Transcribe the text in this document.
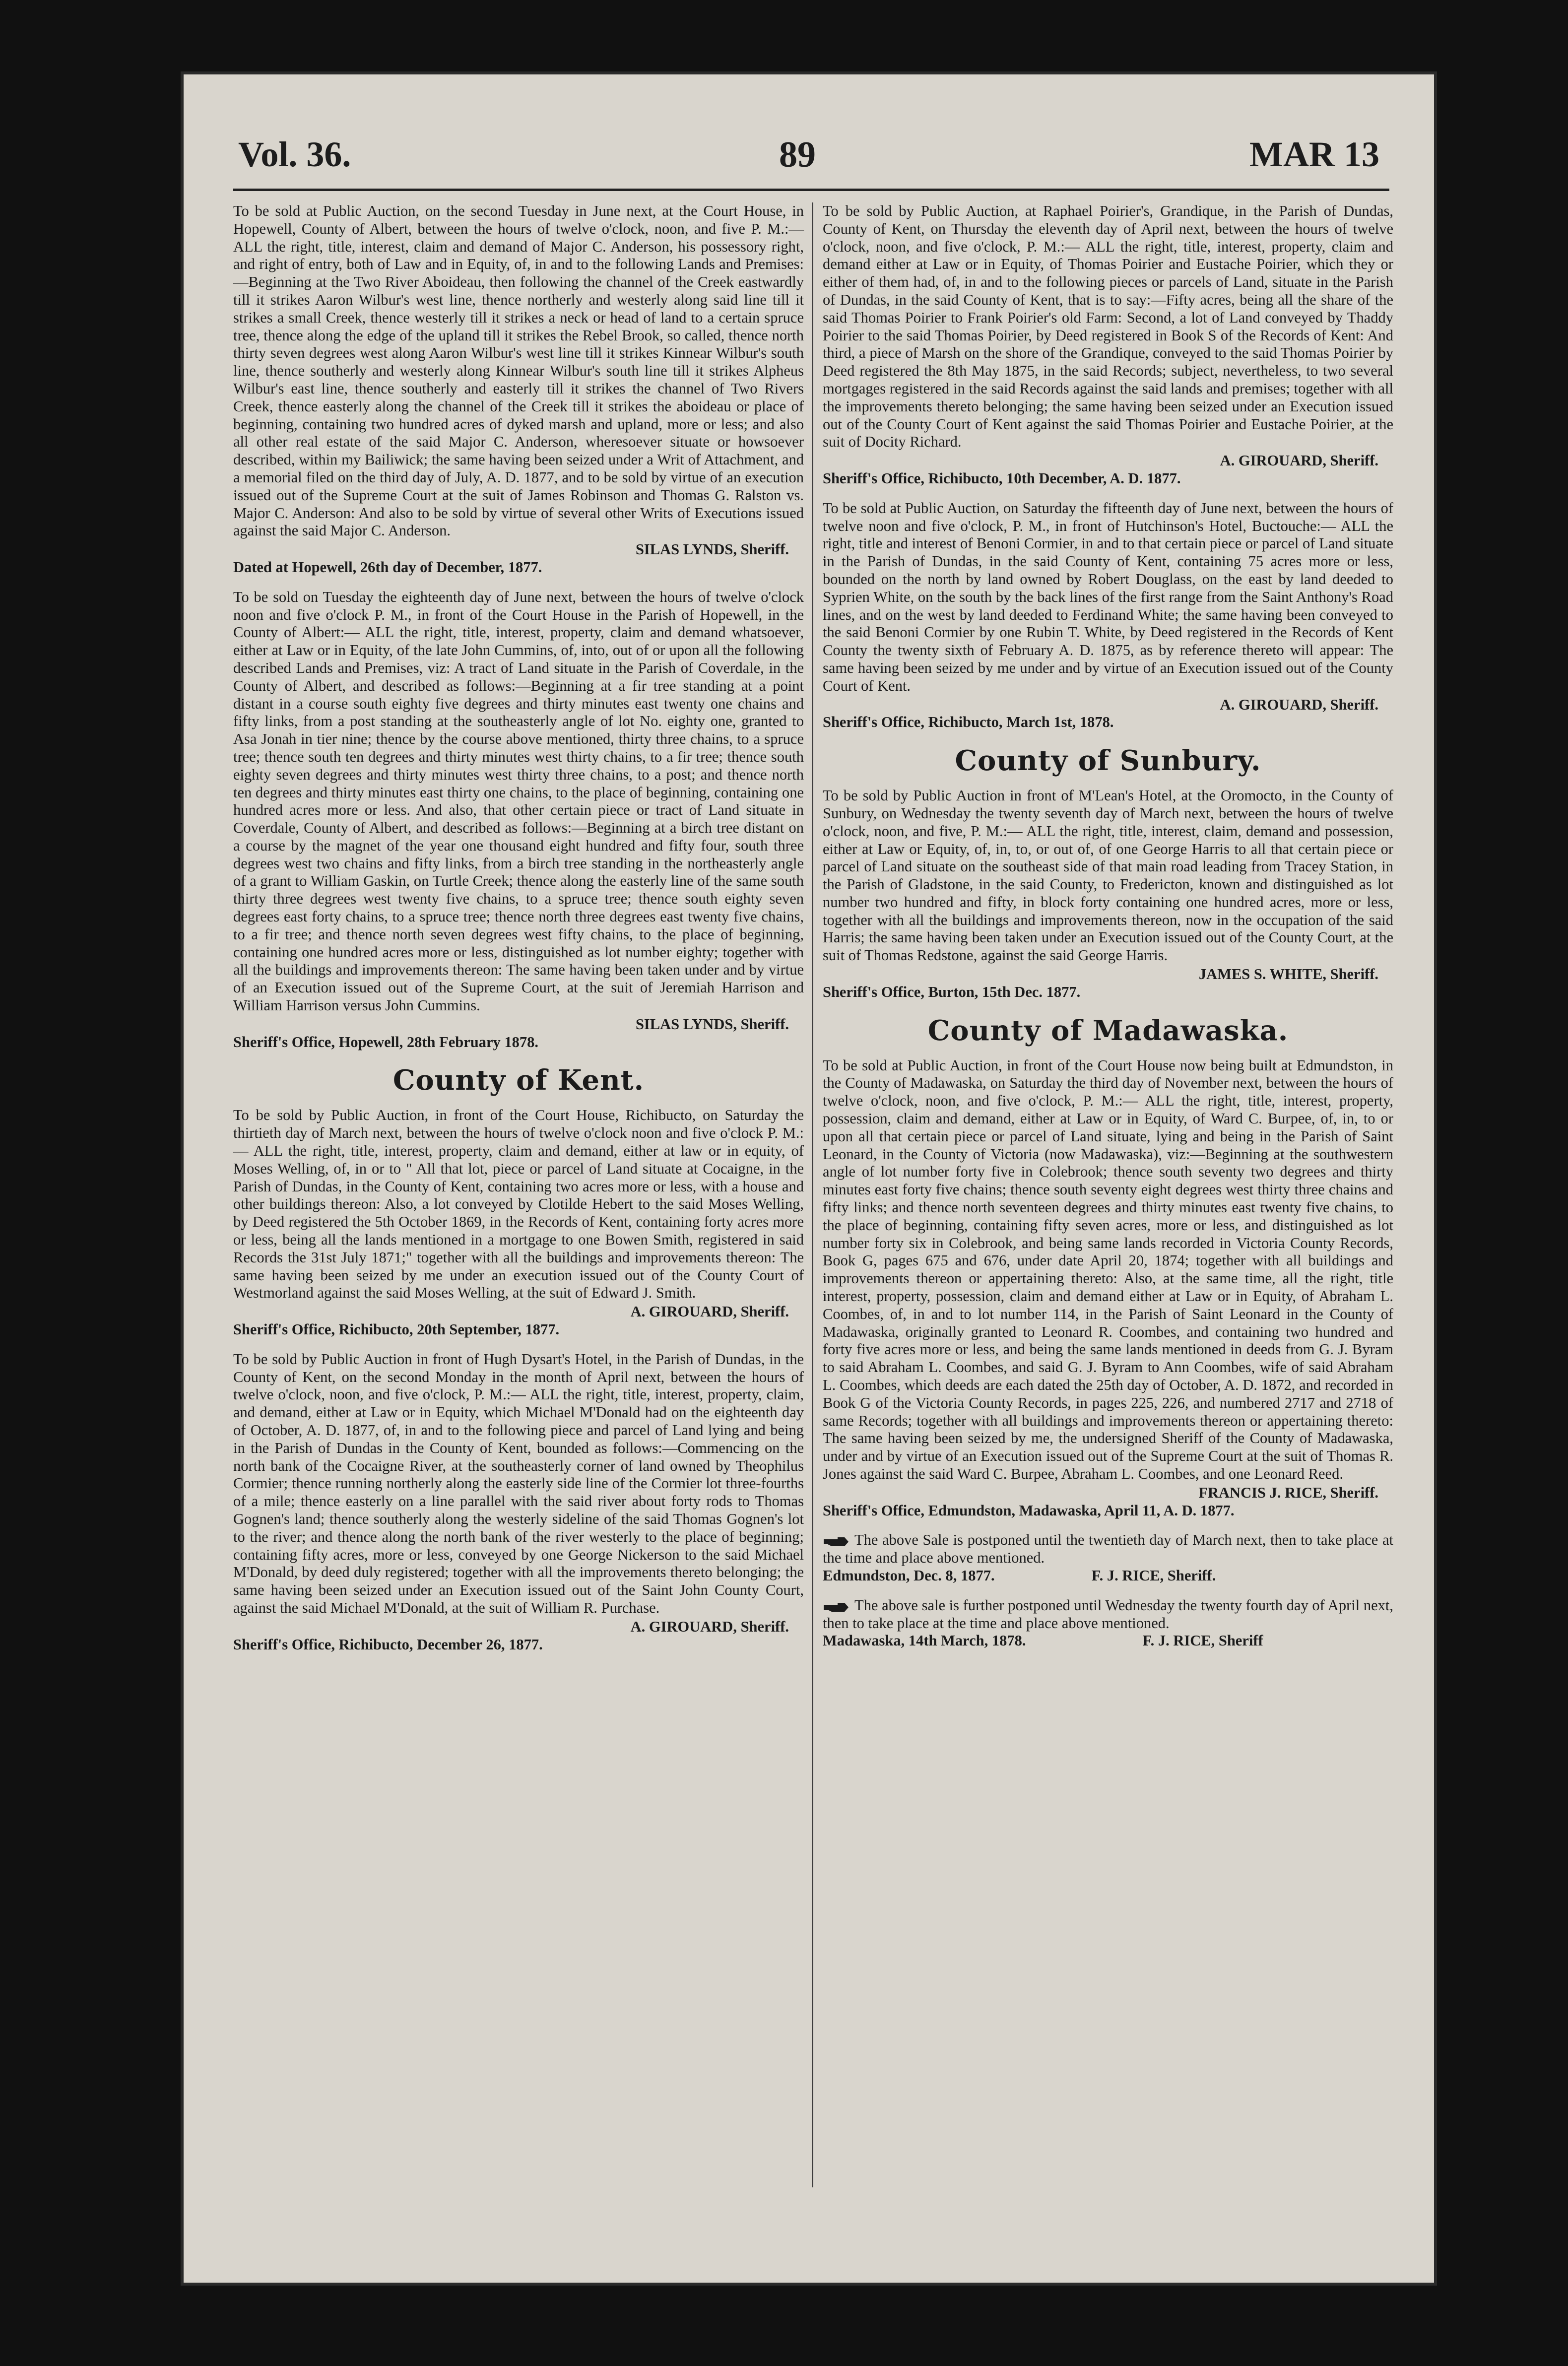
Vol. 36.	89	MAR 13

To be sold at Public Auction, on the second Tuesday in June next, at the Court House, in Hopewell, County of Albert, between the hours of twelve o'clock, noon, and five P. M.:— ALL the right, title, interest, claim and demand of Major C. Anderson, his possessory right, and right of entry, both of Law and in Equity, of, in and to the following Lands and Premises:—Beginning at the Two River Aboideau, then following the channel of the Creek eastwardly till it strikes Aaron Wilbur's west line, thence northerly and westerly along said line till it strikes a small Creek, thence westerly till it strikes a neck or head of land to a certain spruce tree, thence along the edge of the upland till it strikes the Rebel Brook, so called, thence north thirty seven degrees west along Aaron Wilbur's west line till it strikes Kinnear Wilbur's south line, thence southerly and westerly along Kinnear Wilbur's south line till it strikes Alpheus Wilbur's east line, thence southerly and easterly till it strikes the channel of Two Rivers Creek, thence easterly along the channel of the Creek till it strikes the aboideau or place of beginning, containing two hundred acres of dyked marsh and upland, more or less; and also all other real estate of the said Major C. Anderson, wheresoever situate or howsoever described, within my Bailiwick; the same having been seized under a Writ of Attachment, and a memorial filed on the third day of July, A. D. 1877, and to be sold by virtue of an execution issued out of the Supreme Court at the suit of James Robinson and Thomas G. Ralston vs. Major C. Anderson: And also to be sold by virtue of several other Writs of Executions issued against the said Major C. Anderson.

SILAS LYNDS, Sheriff.

Dated at Hopewell, 26th day of December, 1877.

To be sold on Tuesday the eighteenth day of June next, between the hours of twelve o'clock noon and five o'clock P. M., in front of the Court House in the Parish of Hopewell, in the County of Albert:— ALL the right, title, interest, property, claim and demand whatsoever, either at Law or in Equity, of the late John Cummins, of, into, out of or upon all the following described Lands and Premises, viz: A tract of Land situate in the Parish of Coverdale, in the County of Albert, and described as follows:—Beginning at a fir tree standing at a point distant in a course south eighty five degrees and thirty minutes east twenty one chains and fifty links, from a post standing at the southeasterly angle of lot No. eighty one, granted to Asa Jonah in tier nine; thence by the course above mentioned, thirty three chains, to a spruce tree; thence south ten degrees and thirty minutes west thirty chains, to a fir tree; thence south eighty seven degrees and thirty minutes west thirty three chains, to a post; and thence north ten degrees and thirty minutes east thirty one chains, to the place of beginning, containing one hundred acres more or less. And also, that other certain piece or tract of Land situate in Coverdale, County of Albert, and described as follows:—Beginning at a birch tree distant on a course by the magnet of the year one thousand eight hundred and fifty four, south three degrees west two chains and fifty links, from a birch tree standing in the northeasterly angle of a grant to William Gaskin, on Turtle Creek; thence along the easterly line of the same south thirty three degrees west twenty five chains, to a spruce tree; thence south eighty seven degrees east forty chains, to a spruce tree; thence north three degrees east twenty five chains, to a fir tree; and thence north seven degrees west fifty chains, to the place of beginning, containing one hundred acres more or less, distinguished as lot number eighty; together with all the buildings and improvements thereon: The same having been taken under and by virtue of an Execution issued out of the Supreme Court, at the suit of Jeremiah Harrison and William Harrison versus John Cummins.

SILAS LYNDS, Sheriff.

Sheriff's Office, Hopewell, 28th February 1878.

County of Kent.

To be sold by Public Auction, in front of the Court House, Richibucto, on Saturday the thirtieth day of March next, between the hours of twelve o'clock noon and five o'clock P. M.:— ALL the right, title, interest, property, claim and demand, either at law or in equity, of Moses Welling, of, in or to " All that lot, piece or parcel of Land situate at Cocaigne, in the Parish of Dundas, in the County of Kent, containing two acres more or less, with a house and other buildings thereon: Also, a lot conveyed by Clotilde Hebert to the said Moses Welling, by Deed registered the 5th October 1869, in the Records of Kent, containing forty acres more or less, being all the lands mentioned in a mortgage to one Bowen Smith, registered in said Records the 31st July 1871;" together with all the buildings and improvements thereon: The same having been seized by me under an execution issued out of the County Court of Westmorland against the said Moses Welling, at the suit of Edward J. Smith.

A. GIROUARD, Sheriff.

Sheriff's Office, Richibucto, 20th September, 1877.

To be sold by Public Auction in front of Hugh Dysart's Hotel, in the Parish of Dundas, in the County of Kent, on the second Monday in the month of April next, between the hours of twelve o'clock, noon, and five o'clock, P. M.:— ALL the right, title, interest, property, claim, and demand, either at Law or in Equity, which Michael M'Donald had on the eighteenth day of October, A. D. 1877, of, in and to the following piece and parcel of Land lying and being in the Parish of Dundas in the County of Kent, bounded as follows:—Commencing on the north bank of the Cocaigne River, at the southeasterly corner of land owned by Theophilus Cormier; thence running northerly along the easterly side line of the Cormier lot three-fourths of a mile; thence easterly on a line parallel with the said river about forty rods to Thomas Gognen's land; thence southerly along the westerly sideline of the said Thomas Gognen's lot to the river; and thence along the north bank of the river westerly to the place of beginning; containing fifty acres, more or less, conveyed by one George Nickerson to the said Michael M'Donald, by deed duly registered; together with all the improvements thereto belonging; the same having been seized under an Execution issued out of the Saint John County Court, against the said Michael M'Donald, at the suit of William R. Purchase.

A. GIROUARD, Sheriff.

Sheriff's Office, Richibucto, December 26, 1877.

To be sold by Public Auction, at Raphael Poirier's, Grandique, in the Parish of Dundas, County of Kent, on Thursday the eleventh day of April next, between the hours of twelve o'clock, noon, and five o'clock, P. M.:— ALL the right, title, interest, property, claim and demand either at Law or in Equity, of Thomas Poirier and Eustache Poirier, which they or either of them had, of, in and to the following pieces or parcels of Land, situate in the Parish of Dundas, in the said County of Kent, that is to say:—Fifty acres, being all the share of the said Thomas Poirier to Frank Poirier's old Farm: Second, a lot of Land conveyed by Thaddy Poirier to the said Thomas Poirier, by Deed registered in Book S of the Records of Kent: And third, a piece of Marsh on the shore of the Grandique, conveyed to the said Thomas Poirier by Deed registered the 8th May 1875, in the said Records; subject, nevertheless, to two several mortgages registered in the said Records against the said lands and premises; together with all the improvements thereto belonging; the same having been seized under an Execution issued out of the County Court of Kent against the said Thomas Poirier and Eustache Poirier, at the suit of Docity Richard.

A. GIROUARD, Sheriff.

Sheriff's Office, Richibucto, 10th December, A. D. 1877.

To be sold at Public Auction, on Saturday the fifteenth day of June next, between the hours of twelve noon and five o'clock, P. M., in front of Hutchinson's Hotel, Buctouche:— ALL the right, title and interest of Benoni Cormier, in and to that certain piece or parcel of Land situate in the Parish of Dundas, in the said County of Kent, containing 75 acres more or less, bounded on the north by land owned by Robert Douglass, on the east by land deeded to Syprien White, on the south by the back lines of the first range from the Saint Anthony's Road lines, and on the west by land deeded to Ferdinand White; the same having been conveyed to the said Benoni Cormier by one Rubin T. White, by Deed registered in the Records of Kent County the twenty sixth of February A. D. 1875, as by reference thereto will appear: The same having been seized by me under and by virtue of an Execution issued out of the County Court of Kent.

A. GIROUARD, Sheriff.

Sheriff's Office, Richibucto, March 1st, 1878.

County of Sunbury.

To be sold by Public Auction in front of M'Lean's Hotel, at the Oromocto, in the County of Sunbury, on Wednesday the twenty seventh day of March next, between the hours of twelve o'clock, noon, and five, P. M.:— ALL the right, title, interest, claim, demand and possession, either at Law or Equity, of, in, to, or out of, of one George Harris to all that certain piece or parcel of Land situate on the southeast side of that main road leading from Tracey Station, in the Parish of Gladstone, in the said County, to Fredericton, known and distinguished as lot number two hundred and fifty, in block forty containing one hundred acres, more or less, together with all the buildings and improvements thereon, now in the occupation of the said Harris; the same having been taken under an Execution issued out of the County Court, at the suit of Thomas Redstone, against the said George Harris.

JAMES S. WHITE, Sheriff.

Sheriff's Office, Burton, 15th Dec. 1877.

County of Madawaska.

To be sold at Public Auction, in front of the Court House now being built at Edmundston, in the County of Madawaska, on Saturday the third day of November next, between the hours of twelve o'clock, noon, and five o'clock, P. M.:— ALL the right, title, interest, property, possession, claim and demand, either at Law or in Equity, of Ward C. Burpee, of, in, to or upon all that certain piece or parcel of Land situate, lying and being in the Parish of Saint Leonard, in the County of Victoria (now Madawaska), viz:—Beginning at the southwestern angle of lot number forty five in Colebrook; thence south seventy two degrees and thirty minutes east forty five chains; thence south seventy eight degrees west thirty three chains and fifty links; and thence north seventeen degrees and thirty minutes east twenty five chains, to the place of beginning, containing fifty seven acres, more or less, and distinguished as lot number forty six in Colebrook, and being same lands recorded in Victoria County Records, Book G, pages 675 and 676, under date April 20, 1874; together with all buildings and improvements thereon or appertaining thereto: Also, at the same time, all the right, title interest, property, possession, claim and demand either at Law or in Equity, of Abraham L. Coombes, of, in and to lot number 114, in the Parish of Saint Leonard in the County of Madawaska, originally granted to Leonard R. Coombes, and containing two hundred and forty five acres more or less, and being the same lands mentioned in deeds from G. J. Byram to said Abraham L. Coombes, and said G. J. Byram to Ann Coombes, wife of said Abraham L. Coombes, which deeds are each dated the 25th day of October, A. D. 1872, and recorded in Book G of the Victoria County Records, in pages 225, 226, and numbered 2717 and 2718 of same Records; together with all buildings and improvements thereon or appertaining thereto: The same having been seized by me, the undersigned Sheriff of the County of Madawaska, under and by virtue of an Execution issued out of the Supreme Court at the suit of Thomas R. Jones against the said Ward C. Burpee, Abraham L. Coombes, and one Leonard Reed.

FRANCIS J. RICE, Sheriff.

Sheriff's Office, Edmundston, Madawaska, April 11, A. D. 1877.

The above Sale is postponed until the twentieth day of March next, then to take place at the time and place above mentioned.

Edmundston, Dec. 8, 1877.	F. J. RICE, Sheriff.

The above sale is further postponed until Wednesday the twenty fourth day of April next, then to take place at the time and place above mentioned.

Madawaska, 14th March, 1878.	F. J. RICE, Sheriff
